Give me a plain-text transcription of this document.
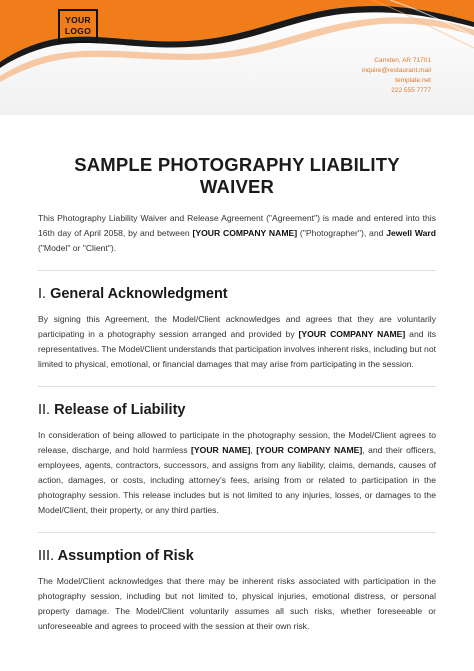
YOUR
LOGO
Camden, AR 71701
inquire@restaurant.mail
template.net
222 555 7777
SAMPLE PHOTOGRAPHY LIABILITY WAIVER

This Photography Liability Waiver and Release Agreement ("Agreement") is made and entered into this 16th day of April 2058, by and between [YOUR COMPANY NAME] ("Photographer"), and Jewell Ward ("Model" or "Client").

I. General Acknowledgment

By signing this Agreement, the Model/Client acknowledges and agrees that they are voluntarily participating in a photography session arranged and provided by [YOUR COMPANY NAME] and its representatives. The Model/Client understands that participation involves inherent risks, including but not limited to physical, emotional, or financial damages that may arise from participating in the session.

II. Release of Liability

In consideration of being allowed to participate in the photography session, the Model/Client agrees to release, discharge, and hold harmless [YOUR NAME], [YOUR COMPANY NAME], and their officers, employees, agents, contractors, successors, and assigns from any liability, claims, demands, causes of action, damages, or costs, including attorney's fees, arising from or related to participation in the photography session. This release includes but is not limited to any injuries, losses, or damages to the Model/Client, their property, or any third parties.

III. Assumption of Risk

The Model/Client acknowledges that there may be inherent risks associated with participation in the photography session, including but not limited to, physical injuries, emotional distress, or personal property damage. The Model/Client voluntarily assumes all such risks, whether foreseeable or unforeseeable and agrees to proceed with the session at their own risk.
